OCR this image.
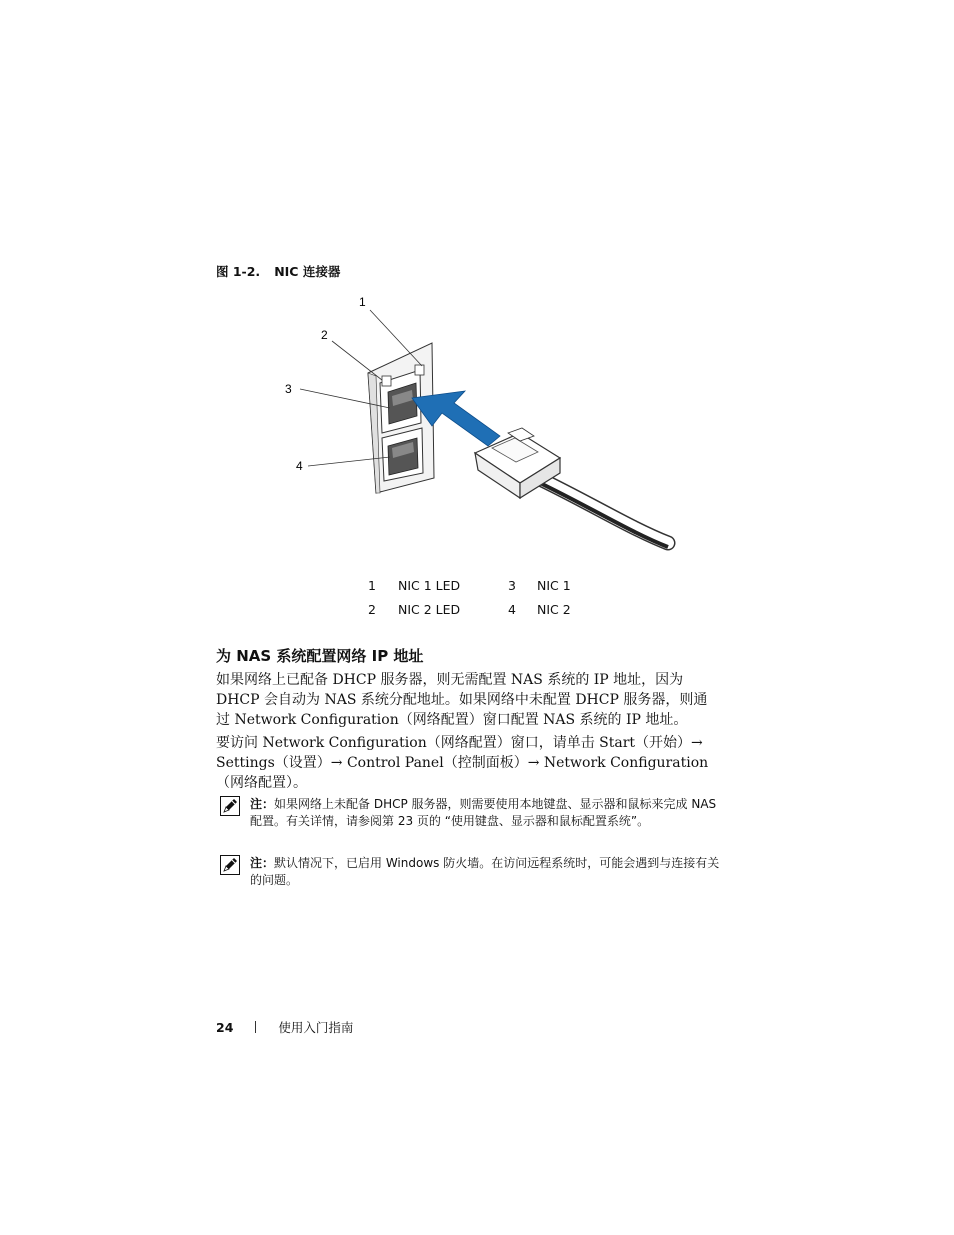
图 1-2. NIC 连接器
1
2
3
4
1	NIC 1 LED	3	NIC 1
2	NIC 2 LED	4	NIC 2
为 NAS 系统配置网络 IP 地址
如果网络上已配备 DHCP 服务器，则无需配置 NAS 系统的 IP 地址，因为 DHCP 会自动为 NAS 系统分配地址。如果网络中未配置 DHCP 服务器，则通过 Network Configuration（网络配置）窗口配置 NAS 系统的 IP 地址。
要访问 Network Configuration（网络配置）窗口，请单击 Start（开始）→ Settings（设置）→ Control Panel（控制面板）→ Network Configuration（网络配置）。
注：如果网络上未配备 DHCP 服务器，则需要使用本地键盘、显示器和鼠标来完成 NAS 配置。有关详情，请参阅第 23 页的 “使用键盘、显示器和鼠标配置系统”。
注：默认情况下，已启用 Windows 防火墙。在访问远程系统时，可能会遇到与连接有关的问题。
24	使用入门指南
